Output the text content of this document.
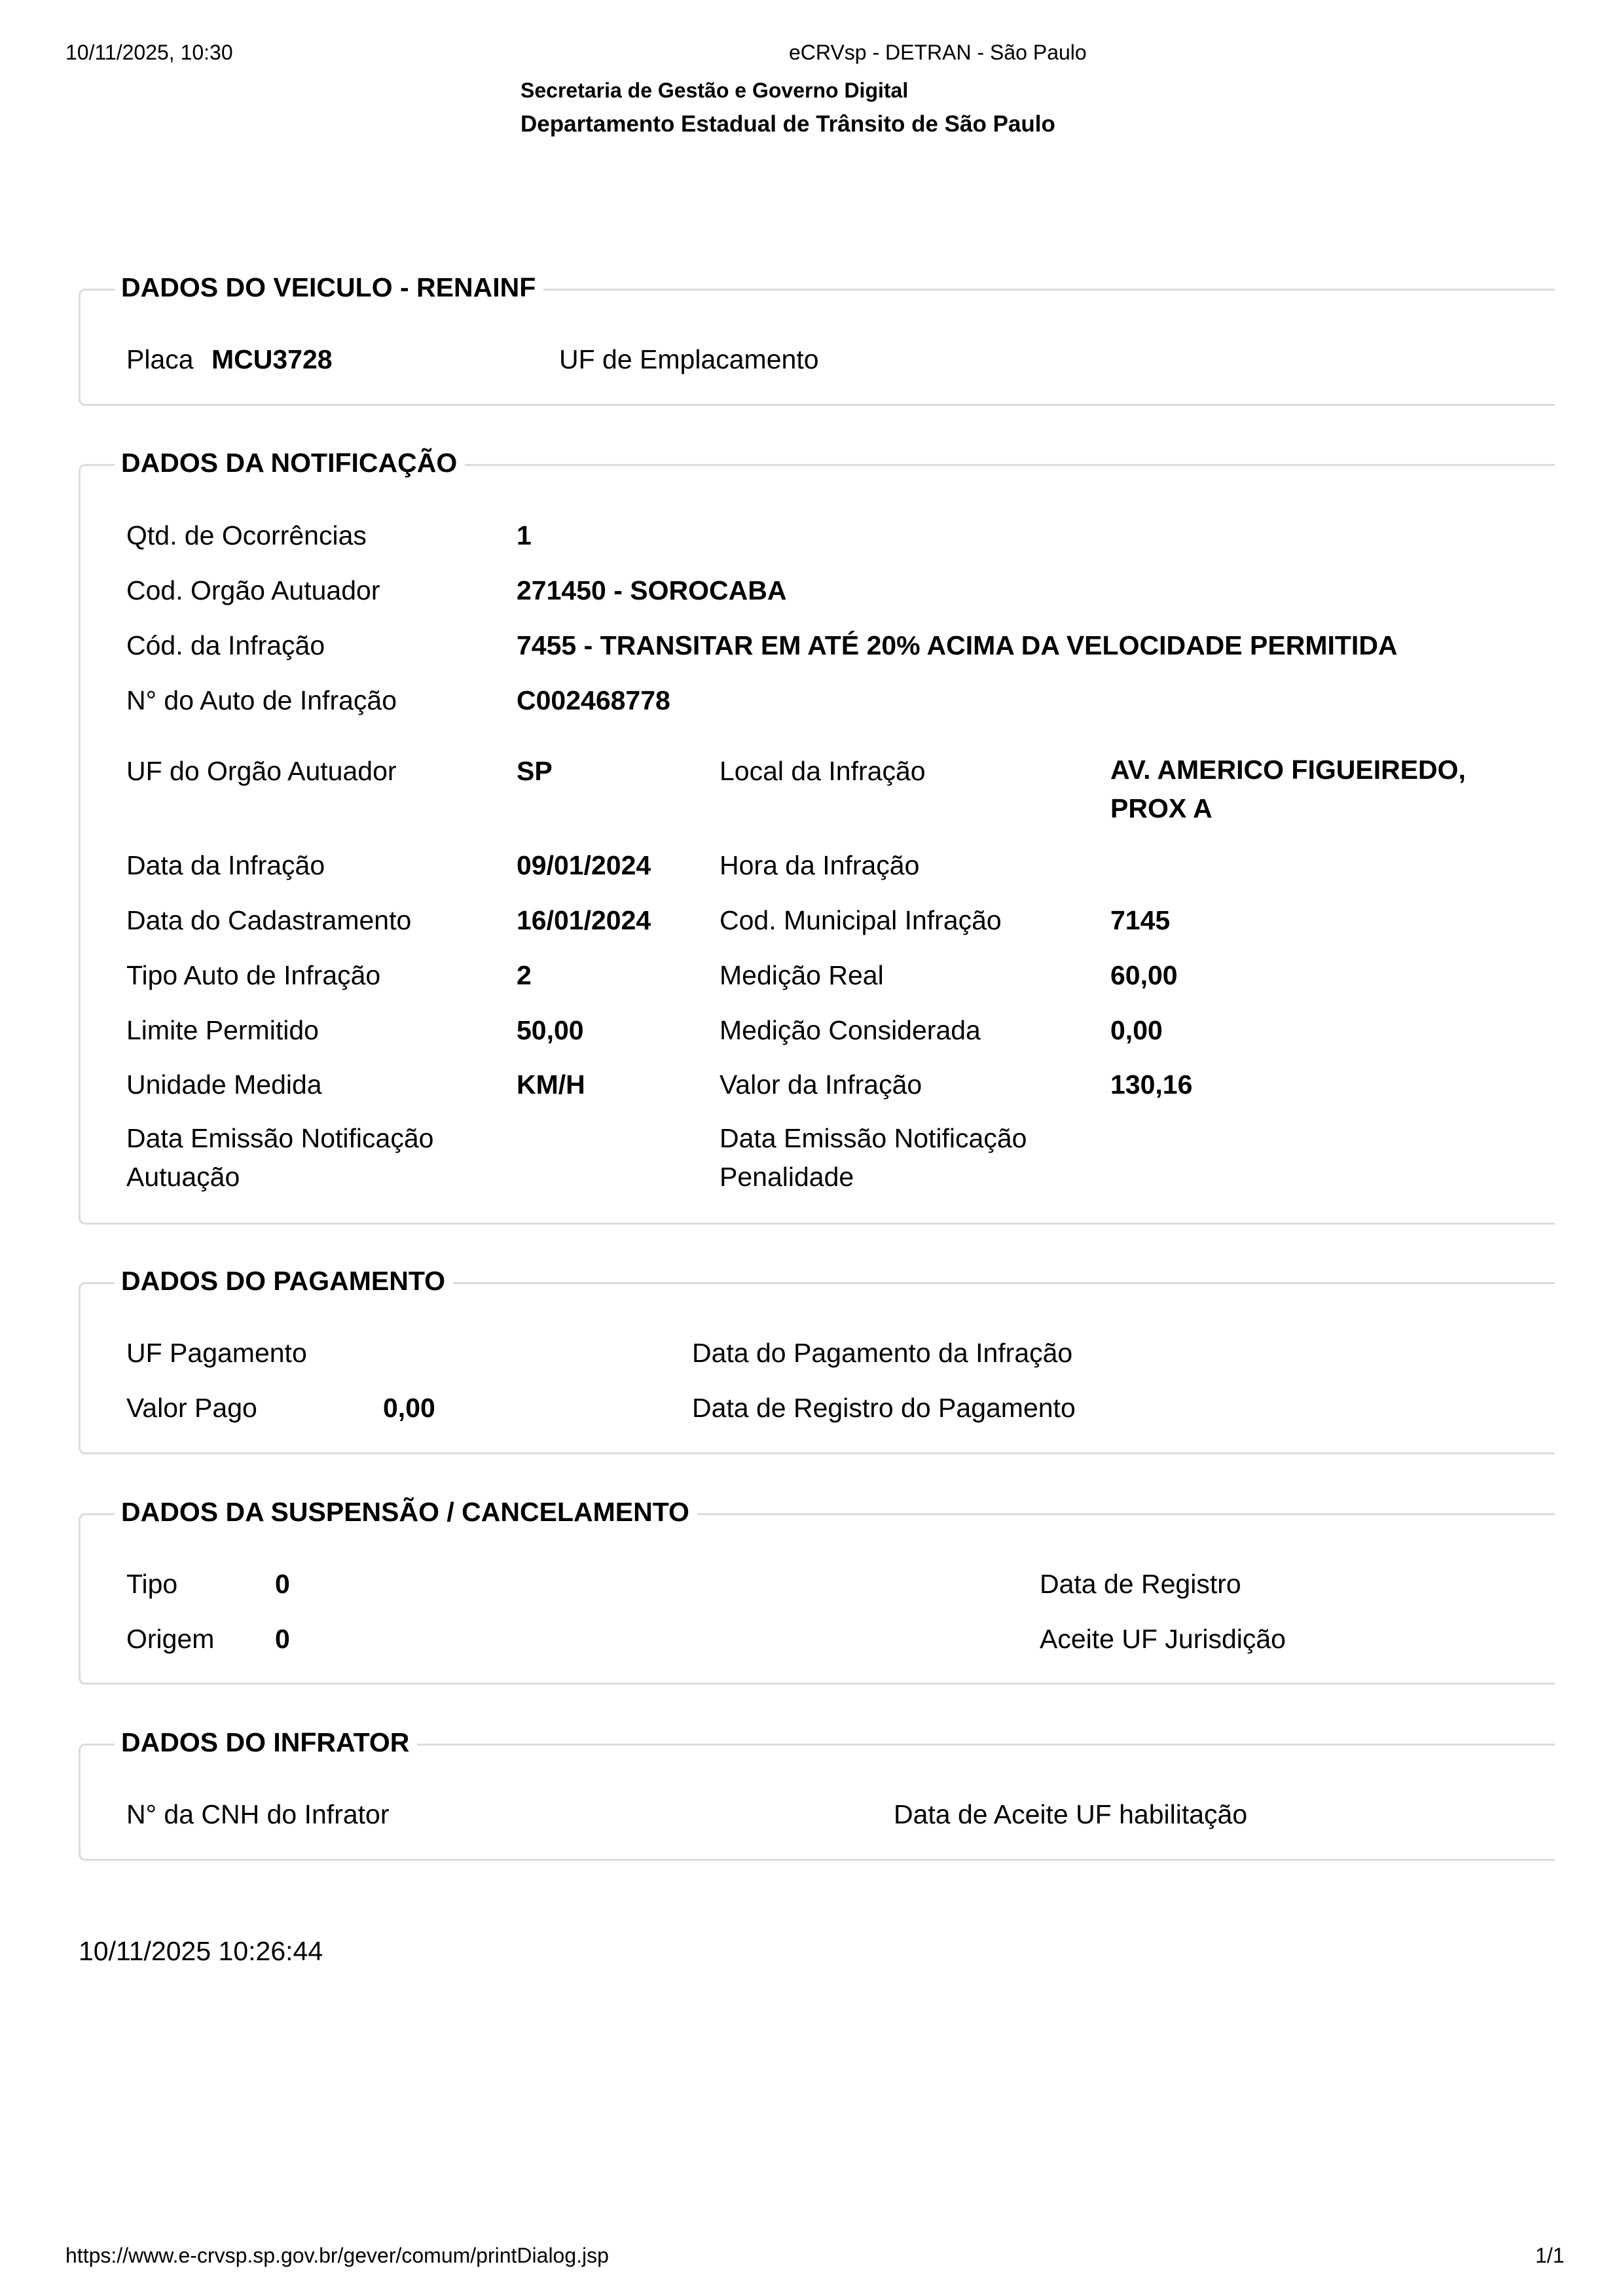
10/11/2025, 10:30	eCRVsp - DETRAN - São Paulo
Secretaria de Gestão e Governo Digital
Departamento Estadual de Trânsito de São Paulo
DADOS DO VEICULO - RENAINF
Placa MCU3728	UF de Emplacamento
DADOS DA NOTIFICAÇÃO
Qtd. de Ocorrências	1
Cod. Orgão Autuador	271450 - SOROCABA
Cód. da Infração	7455 - TRANSITAR EM ATÉ 20% ACIMA DA VELOCIDADE PERMITIDA
N° do Auto de Infração	C002468778
UF do Orgão Autuador	SP	Local da Infração	AV. AMERICO FIGUEIREDO,
PROX A
Data da Infração	09/01/2024	Hora da Infração
Data do Cadastramento	16/01/2024	Cod. Municipal Infração	7145
Tipo Auto de Infração	2	Medição Real	60,00
Limite Permitido	50,00	Medição Considerada	0,00
Unidade Medida	KM/H	Valor da Infração	130,16
Data Emissão Notificação
Autuação
Data Emissão Notificação
Penalidade
DADOS DO PAGAMENTO
UF Pagamento	Data do Pagamento da Infração
Valor Pago	0,00	Data de Registro do Pagamento
DADOS DA SUSPENSÃO / CANCELAMENTO
Tipo	0	Data de Registro
Origem 0	Aceite UF Jurisdição
DADOS DO INFRATOR
N° da CNH do Infrator	Data de Aceite UF habilitação
10/11/2025 10:26:44
https://www.e-crvsp.sp.gov.br/gever/comum/printDialog.jsp	1/1
